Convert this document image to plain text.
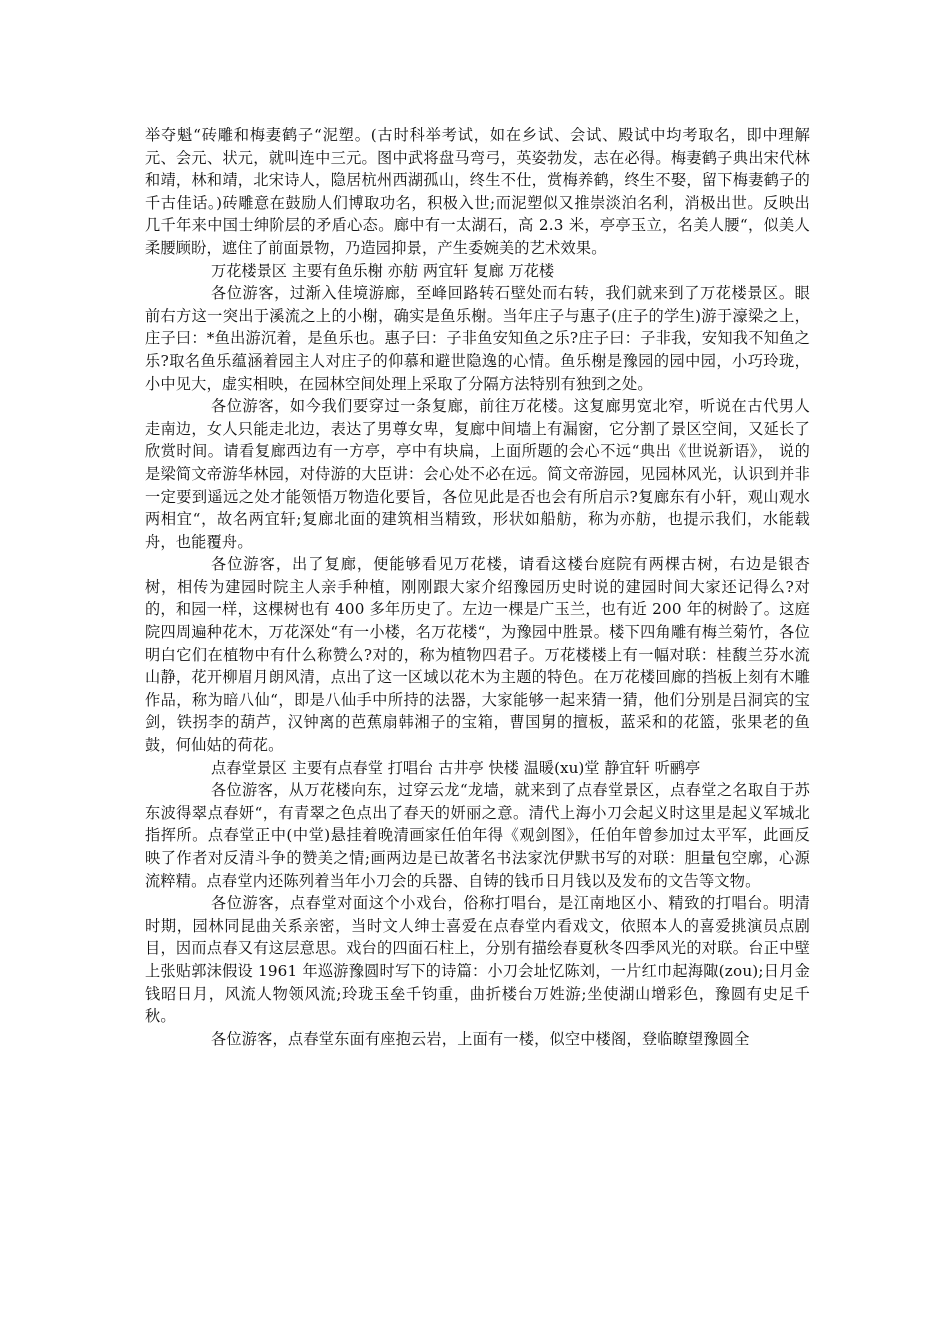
举夺魁“砖雕和梅妻鹤子“泥塑。(古时科举考试，如在乡试、会试、殿试中均考取名，即中理解元、会元、状元，就叫连中三元。图中武将盘马弯弓，英姿勃发，志在必得。梅妻鹤子典出宋代林和靖，林和靖，北宋诗人，隐居杭州西湖孤山，终生不仕，赏梅养鹤，终生不娶，留下梅妻鹤子的千古佳话。)砖雕意在鼓励人们博取功名，积极入世;而泥塑似又推崇淡泊名利，消极出世。反映出几千年来中国士绅阶层的矛盾心态。廊中有一太湖石，高 2.3 米，亭亭玉立，名美人腰“，似美人柔腰顾盼，遮住了前面景物，乃造园抑景，产生委婉美的艺术效果。

万花楼景区 主要有鱼乐榭 亦舫 两宜轩 复廊 万花楼

各位游客，过渐入佳境游廊，至峰回路转石壁处而右转，我们就来到了万花楼景区。眼前右方这一突出于溪流之上的小榭，确实是鱼乐榭。当年庄子与惠子(庄子的学生)游于濠梁之上，庄子曰：*鱼出游沉着，是鱼乐也。惠子曰：子非鱼安知鱼之乐?庄子曰：子非我，安知我不知鱼之乐?取名鱼乐蕴涵着园主人对庄子的仰慕和避世隐逸的心情。鱼乐榭是豫园的园中园，小巧玲珑，小中见大，虚实相映，在园林空间处理上采取了分隔方法特别有独到之处。

各位游客，如今我们要穿过一条复廊，前往万花楼。这复廊男宽北窄，听说在古代男人走南边，女人只能走北边，表达了男尊女卑，复廊中间墙上有漏窗，它分割了景区空间，又延长了欣赏时间。请看复廊西边有一方亭，亭中有块扁，上面所题的会心不远“典出《世说新语》， 说的是梁简文帝游华林园，对侍游的大臣讲：会心处不必在远。简文帝游园，见园林风光，认识到并非一定要到遥远之处才能领悟万物造化要旨，各位见此是否也会有所启示?复廊东有小轩，观山观水两相宜“，故名两宜轩;复廊北面的建筑相当精致，形状如船舫，称为亦舫，也提示我们，水能载舟，也能覆舟。

各位游客，出了复廊，便能够看见万花楼，请看这楼台庭院有两棵古树，右边是银杏树，相传为建园时院主人亲手种植，刚刚跟大家介绍豫园历史时说的建园时间大家还记得么?对的，和园一样，这棵树也有 400 多年历史了。左边一棵是广玉兰，也有近 200 年的树龄了。这庭院四周遍种花木，万花深处“有一小楼，名万花楼“，为豫园中胜景。楼下四角雕有梅兰菊竹，各位明白它们在植物中有什么称赞么?对的，称为植物四君子。万花楼楼上有一幅对联：桂馥兰芬水流山静，花开柳眉月朗风清，点出了这一区域以花木为主题的特色。在万花楼回廊的挡板上刻有木雕作品，称为暗八仙“，即是八仙手中所持的法器，大家能够一起来猜一猜，他们分别是吕洞宾的宝剑，铁拐李的葫芦，汉钟离的芭蕉扇韩湘子的宝箱，曹国舅的擅板，蓝采和的花篮，张果老的鱼鼓，何仙姑的荷花。

点春堂景区 主要有点春堂 打唱台 古井亭 快楼 温暖(xu)堂 静宜轩 听鹂亭

各位游客，从万花楼向东，过穿云龙“龙墙，就来到了点春堂景区，点春堂之名取自于苏东波得翠点春妍“，有青翠之色点出了春天的妍丽之意。清代上海小刀会起义时这里是起义军城北指挥所。点春堂正中(中堂)悬挂着晚清画家任伯年得《观剑图》，任伯年曾参加过太平军，此画反映了作者对反清斗争的赞美之情;画两边是已故著名书法家沈伊默书写的对联：胆量包空廓，心源流粹精。点春堂内还陈列着当年小刀会的兵器、自铸的钱币日月钱以及发布的文告等文物。

各位游客，点春堂对面这个小戏台，俗称打唱台，是江南地区小、精致的打唱台。明清时期，园林同昆曲关系亲密，当时文人绅士喜爱在点春堂内看戏文，依照本人的喜爱挑演员点剧目，因而点春又有这层意思。戏台的四面石柱上，分别有描绘春夏秋冬四季风光的对联。台正中壁上张贴郭沫假设 1961 年巡游豫圆时写下的诗篇：小刀会址忆陈刘，一片红巾起海陬(zou);日月金钱昭日月，风流人物领风流;玲珑玉垒千钧重，曲折楼台万姓游;坐使湖山增彩色，豫圆有史足千秋。

各位游客，点春堂东面有座抱云岩，上面有一楼，似空中楼阁，登临瞭望豫圆全
